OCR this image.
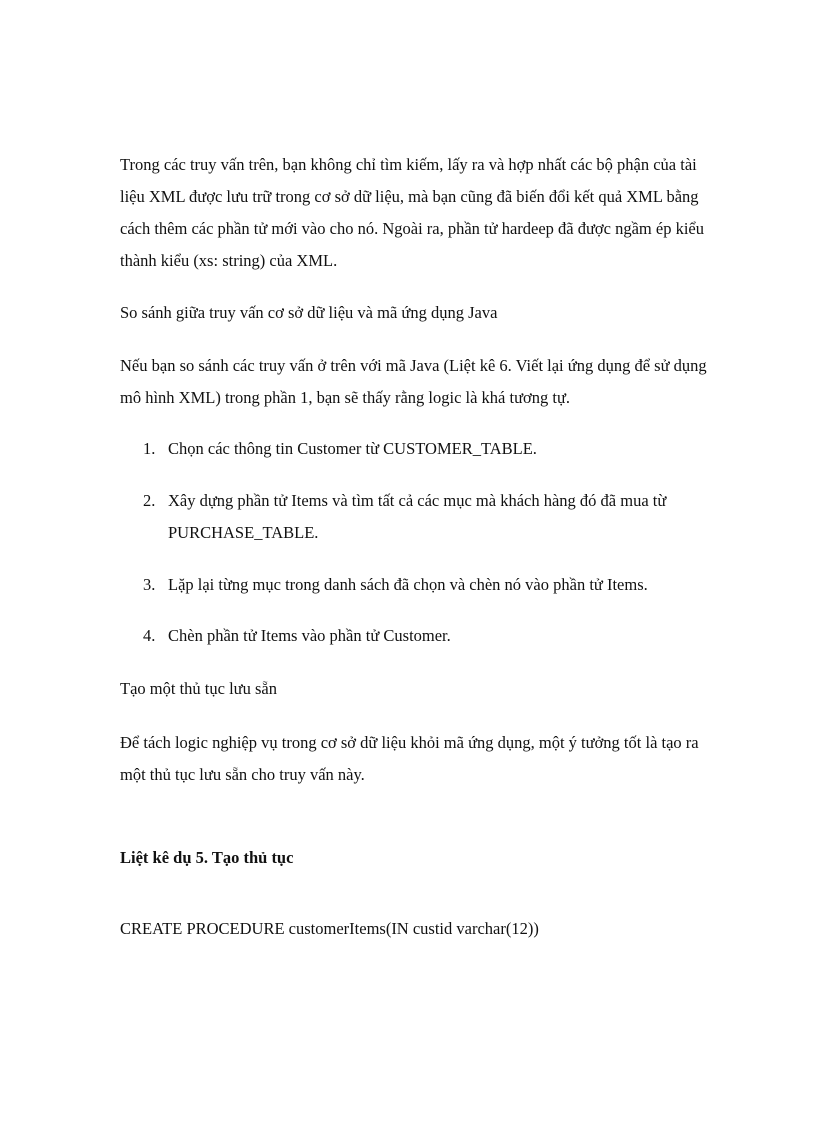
Trong các truy vấn trên, bạn không chỉ tìm kiếm, lấy ra và hợp nhất các bộ phận của tài liệu XML được lưu trữ trong cơ sở dữ liệu, mà bạn cũng đã biến đổi kết quả XML bằng cách thêm các phần tử mới vào cho nó. Ngoài ra, phần tử hardeep đã được ngầm ép kiểu thành kiểu (xs: string) của XML.

So sánh giữa truy vấn cơ sở dữ liệu và mã ứng dụng Java

Nếu bạn so sánh các truy vấn ở trên với mã Java (Liệt kê 6. Viết lại ứng dụng để sử dụng mô hình XML) trong phần 1, bạn sẽ thấy rằng logic là khá tương tự.

1. Chọn các thông tin Customer từ CUSTOMER_TABLE.
2. Xây dựng phần tử Items và tìm tất cả các mục mà khách hàng đó đã mua từ PURCHASE_TABLE.
3. Lặp lại từng mục trong danh sách đã chọn và chèn nó vào phần tử Items.
4. Chèn phần tử Items vào phần tử Customer.

Tạo một thủ tục lưu sẵn

Để tách logic nghiệp vụ trong cơ sở dữ liệu khỏi mã ứng dụng, một ý tưởng tốt là tạo ra một thủ tục lưu sẵn cho truy vấn này.

Liệt kê dụ 5. Tạo thủ tục

CREATE PROCEDURE customerItems(IN custid varchar(12))
